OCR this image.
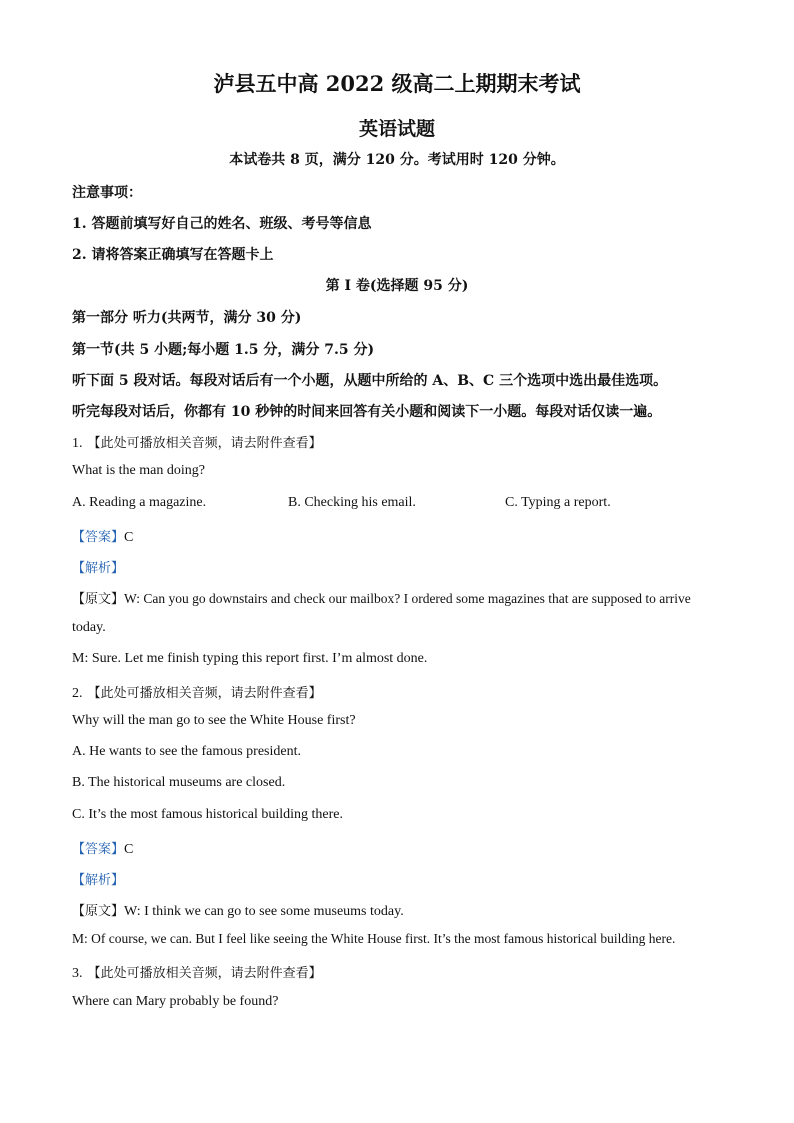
泸县五中高 2022 级高二上期期末考试
英语试题
本试卷共 8 页，满分 120 分。考试用时 120 分钟。
注意事项：
1. 答题前填写好自己的姓名、班级、考号等信息
2. 请将答案正确填写在答题卡上
第 I 卷(选择题 95 分)
第一部分 听力(共两节，满分 30 分)
第一节(共 5 小题;每小题 1.5 分，满分 7.5 分)
听下面 5 段对话。每段对话后有一个小题，从题中所给的 A、B、C 三个选项中选出最佳选项。
听完每段对话后，你都有 10 秒钟的时间来回答有关小题和阅读下一小题。每段对话仅读一遍。
1. 【此处可播放相关音频，请去附件查看】
What is the man doing?
A. Reading a magazine.	B. Checking his email.	C. Typing a report.
【答案】C
【解析】
【原文】W: Can you go downstairs and check our mailbox? I ordered some magazines that are supposed to arrive
today.
M: Sure. Let me finish typing this report first. I’m almost done.
2. 【此处可播放相关音频，请去附件查看】
Why will the man go to see the White House first?
A. He wants to see the famous president.
B. The historical museums are closed.
C. It’s the most famous historical building there.
【答案】C
【解析】
【原文】W: I think we can go to see some museums today.
M: Of course, we can. But I feel like seeing the White House first. It’s the most famous historical building here.
3. 【此处可播放相关音频，请去附件查看】
Where can Mary probably be found?
